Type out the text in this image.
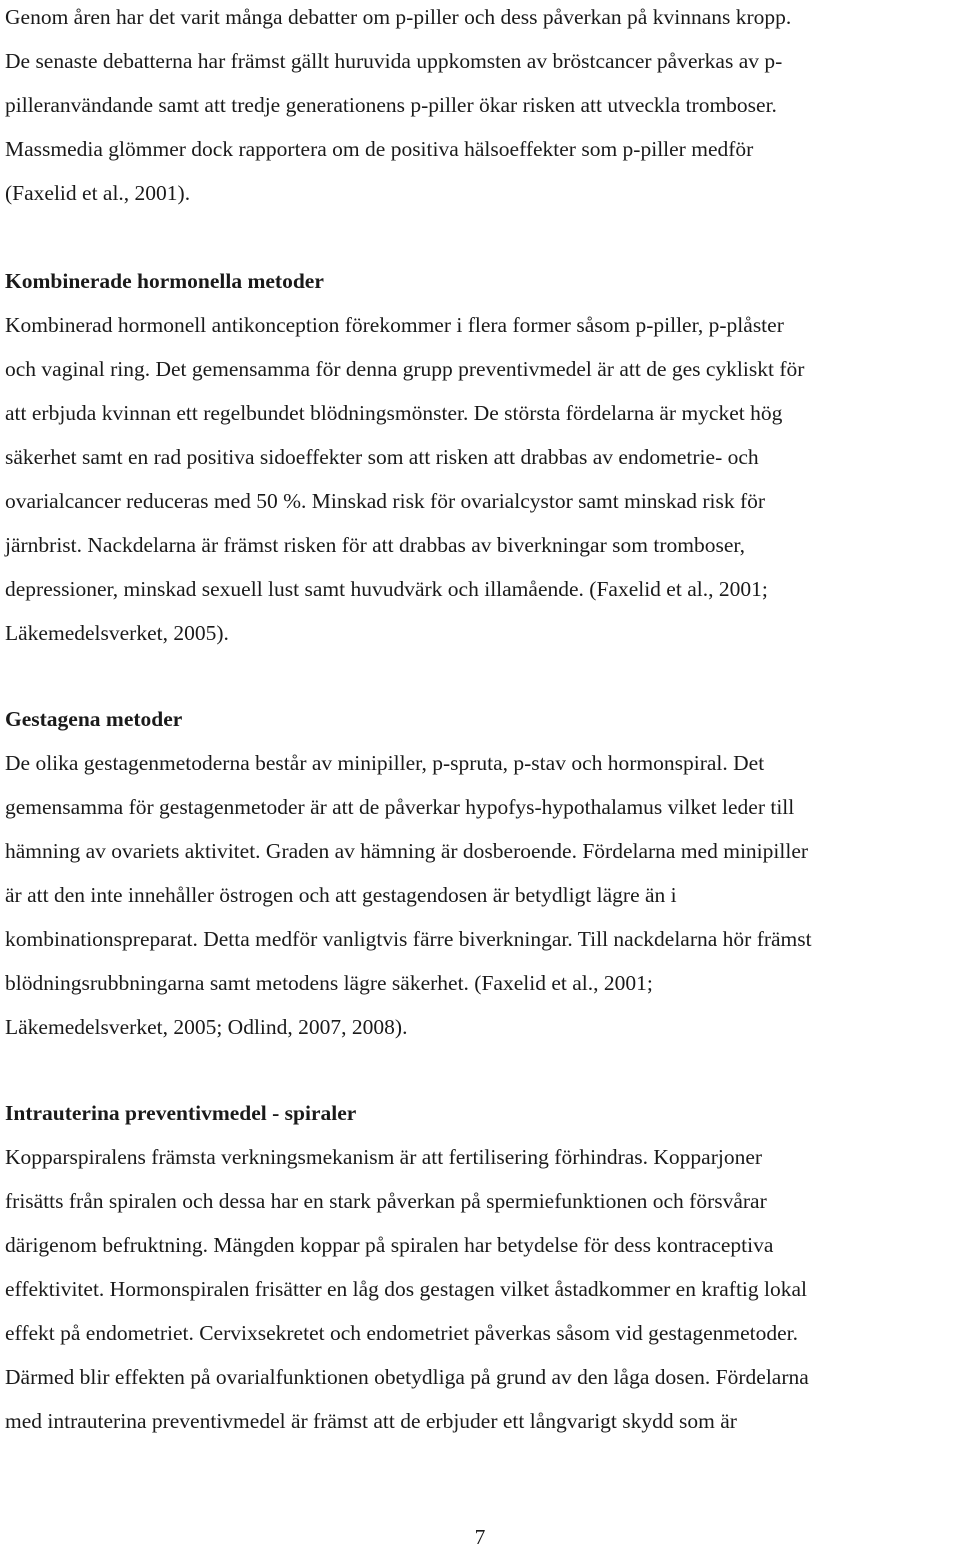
Genom åren har det varit många debatter om p-piller och dess påverkan på kvinnans kropp.
De senaste debatterna har främst gällt huruvida uppkomsten av bröstcancer påverkas av p-
pilleranvändande samt att tredje generationens p-piller ökar risken att utveckla tromboser.
Massmedia glömmer dock rapportera om de positiva hälsoeffekter som p-piller medför
(Faxelid et al., 2001).
Kombinerade hormonella metoder
Kombinerad hormonell antikonception förekommer i flera former såsom p-piller, p-plåster
och vaginal ring. Det gemensamma för denna grupp preventivmedel är att de ges cykliskt för
att erbjuda kvinnan ett regelbundet blödningsmönster. De största fördelarna är mycket hög
säkerhet samt en rad positiva sidoeffekter som att risken att drabbas av endometrie- och
ovarialcancer reduceras med 50 %. Minskad risk för ovarialcystor samt minskad risk för
järnbrist. Nackdelarna är främst risken för att drabbas av biverkningar som tromboser,
depressioner, minskad sexuell lust samt huvudvärk och illamående. (Faxelid et al., 2001;
Läkemedelsverket, 2005).
Gestagena metoder
De olika gestagenmetoderna består av minipiller, p-spruta, p-stav och hormonspiral. Det
gemensamma för gestagenmetoder är att de påverkar hypofys-hypothalamus vilket leder till
hämning av ovariets aktivitet. Graden av hämning är dosberoende. Fördelarna med minipiller
är att den inte innehåller östrogen och att gestagendosen är betydligt lägre än i
kombinationspreparat. Detta medför vanligtvis färre biverkningar. Till nackdelarna hör främst
blödningsrubbningarna samt metodens lägre säkerhet. (Faxelid et al., 2001;
Läkemedelsverket, 2005; Odlind, 2007, 2008).
Intrauterina preventivmedel - spiraler
Kopparspiralens främsta verkningsmekanism är att fertilisering förhindras. Kopparjoner
frisätts från spiralen och dessa har en stark påverkan på spermiefunktionen och försvårar
därigenom befruktning. Mängden koppar på spiralen har betydelse för dess kontraceptiva
effektivitet. Hormonspiralen frisätter en låg dos gestagen vilket åstadkommer en kraftig lokal
effekt på endometriet. Cervixsekretet och endometriet påverkas såsom vid gestagenmetoder.
Därmed blir effekten på ovarialfunktionen obetydliga på grund av den låga dosen. Fördelarna
med intrauterina preventivmedel är främst att de erbjuder ett långvarigt skydd som är
7
